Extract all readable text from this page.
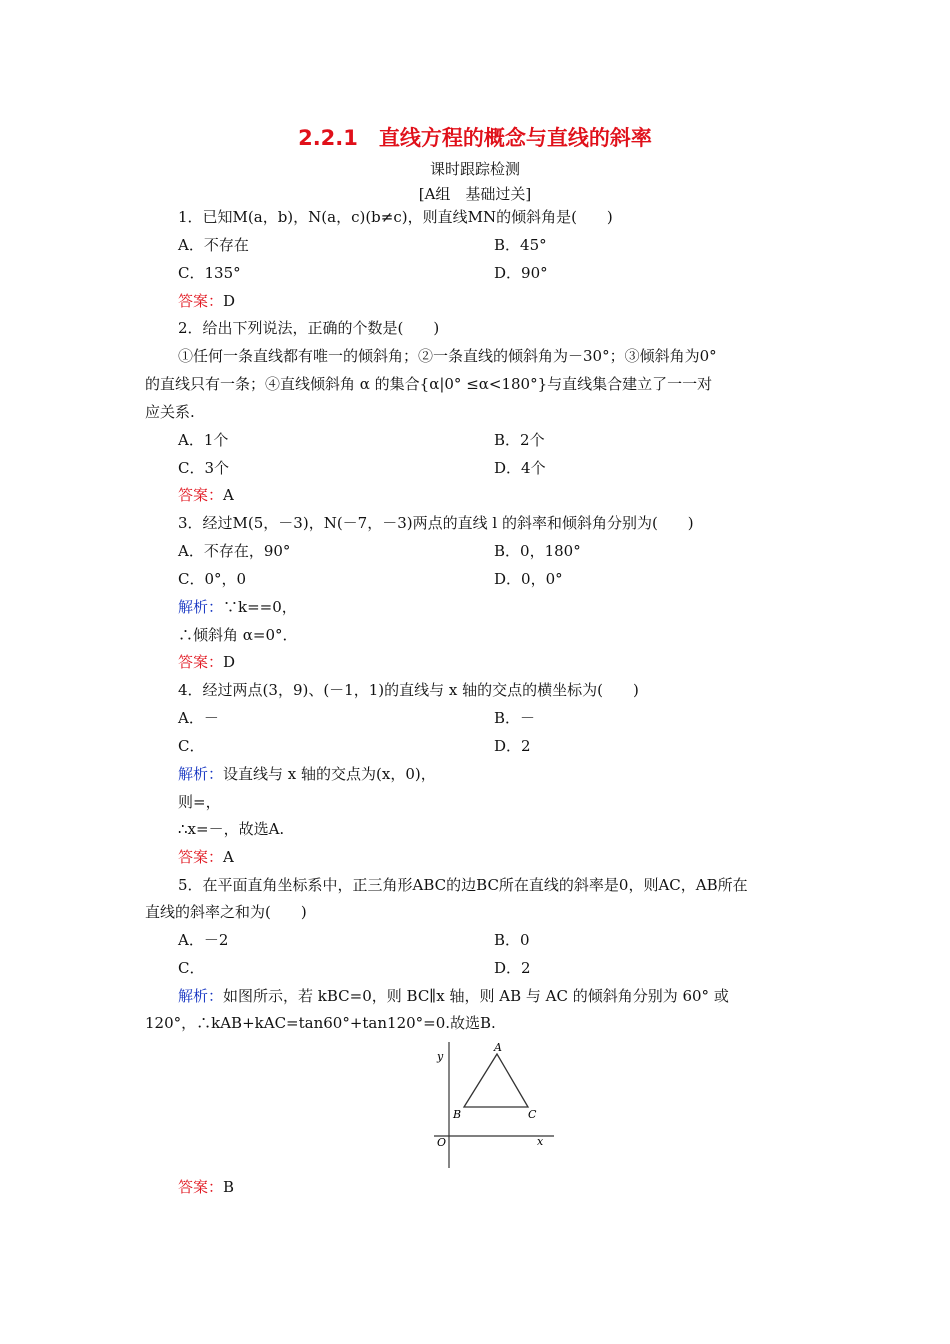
2.2.1　直线方程的概念与直线的斜率
课时跟踪检测
[A组　基础过关]
1．已知M(a，b)，N(a，c)(b≠c)，则直线MN的倾斜角是(　　)
A．不存在	B．45°
C．135°	D．90°
答案：D
2．给出下列说法，正确的个数是(　　)
①任何一条直线都有唯一的倾斜角；②一条直线的倾斜角为－30°；③倾斜角为0°
的直线只有一条；④直线倾斜角 α 的集合{α|0° ≤α<180°}与直线集合建立了一一对
应关系.
A．1个	B．2个
C．3个	D．4个
答案：A
3．经过M(5，－3)，N(－7，－3)两点的直线 l 的斜率和倾斜角分别为(　　)
A．不存在，90°	B．0，180°
C．0°，0	D．0，0°
解析：∵k==0，
∴倾斜角 α=0°．
答案：D
4．经过两点(3，9)、(－1，1)的直线与 x 轴的交点的横坐标为(　　)
A．－	B．－
C．	D．2
解析：设直线与 x 轴的交点为(x，0)，
则=，
∴x=－，故选A.
答案：A
5．在平面直角坐标系中，正三角形ABC的边BC所在直线的斜率是0，则AC，AB所在
直线的斜率之和为(　　)
A．－2	B．0
C．	D．2
解析：如图所示，若 kBC=0，则 BC∥x 轴，则 AB 与 AC 的倾斜角分别为 60° 或
120°，∴kAB+kAC=tan60°+tan120°=0.故选B.
y
x
O
A
B	C
答案：B
